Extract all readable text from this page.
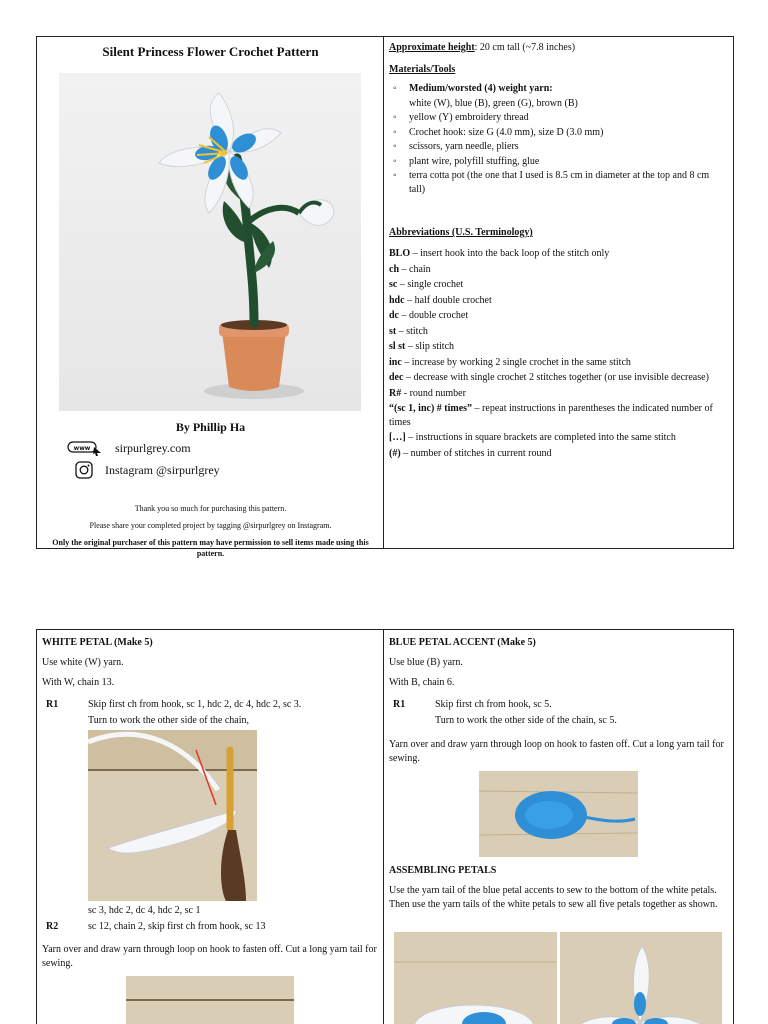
Silent Princess Flower Crochet Pattern
By Phillip Ha
www sirpurlgrey.com
Instagram @sirpurlgrey
Thank you so much for purchasing this pattern.
Please share your completed project by tagging @sirpurlgrey on Instagram.
Only the original purchaser of this pattern may have permission to sell items made using this pattern.
Approximate height: 20 cm tall (~7.8 inches)
Materials/Tools
◦ Medium/worsted (4) weight yarn:
white (W), blue (B), green (G), brown (B)
◦ yellow (Y) embroidery thread
◦ Crochet hook: size G (4.0 mm), size D (3.0 mm)
◦ scissors, yarn needle, pliers
◦ plant wire, polyfill stuffing, glue
◦ terra cotta pot (the one that I used is 8.5 cm in diameter at the top and 8 cm tall)
Abbreviations (U.S. Terminology)
BLO – insert hook into the back loop of the stitch only
ch – chain
sc – single crochet
hdc – half double crochet
dc – double crochet
st – stitch
sl st – slip stitch
inc – increase by working 2 single crochet in the same stitch
dec – decrease with single crochet 2 stitches together (or use invisible decrease)
R# - round number
“(sc 1, inc) # times” – repeat instructions in parentheses the indicated number of times
[…] – instructions in square brackets are completed into the same stitch
(#) – number of stitches in current round
WHITE PETAL (Make 5)
Use white (W) yarn.
With W, chain 13.
R1	Skip first ch from hook, sc 1, hdc 2, dc 4, hdc 2, sc 3.
Turn to work the other side of the chain,
sc 3, hdc 2, dc 4, hdc 2, sc 1
R2	sc 12, chain 2, skip first ch from hook, sc 13
Yarn over and draw yarn through loop on hook to fasten off. Cut a long yarn tail for sewing.
BLUE PETAL ACCENT (Make 5)
Use blue (B) yarn.
With B, chain 6.
R1	Skip first ch from hook, sc 5.
Turn to work the other side of the chain, sc 5.
Yarn over and draw yarn through loop on hook to fasten off. Cut a long yarn tail for sewing.
ASSEMBLING PETALS
Use the yarn tail of the blue petal accents to sew to the bottom of the white petals. Then use the yarn tails of the white petals to sew all five petals together as shown.
